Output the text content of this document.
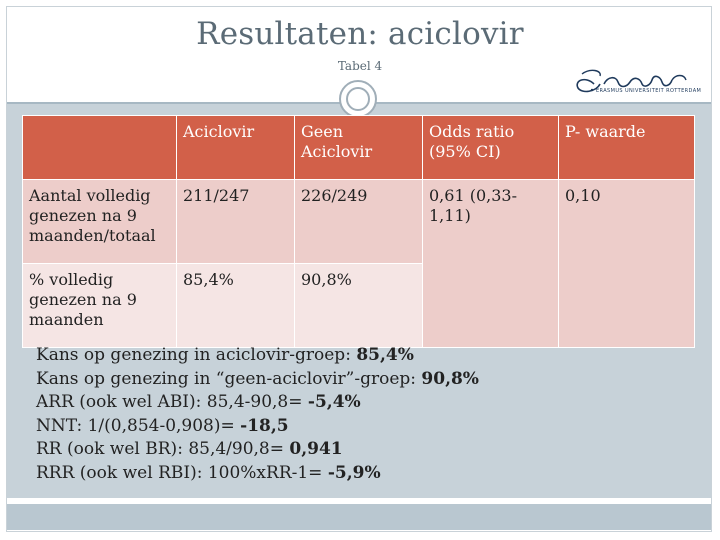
Resultaten: aciclovir
Tabel 4
ERASMUS UNIVERSITEIT ROTTERDAM
	Aciclovir	Geen Aciclovir	Odds ratio (95% CI)	P- waarde
Aantal volledig genezen na 9 maanden/totaal	211/247	226/249	0,61 (0,33-1,11)	0,10
% volledig genezen na 9 maanden	85,4%	90,8%		
Kans op genezing in aciclovir-groep: 85,4%
Kans op genezing in “geen-aciclovir”-groep: 90,8%
ARR (ook wel ABI): 85,4-90,8= -5,4%
NNT: 1/(0,854-0,908)= -18,5
RR (ook wel BR): 85,4/90,8= 0,941
RRR (ook wel RBI): 100%xRR-1= -5,9%
